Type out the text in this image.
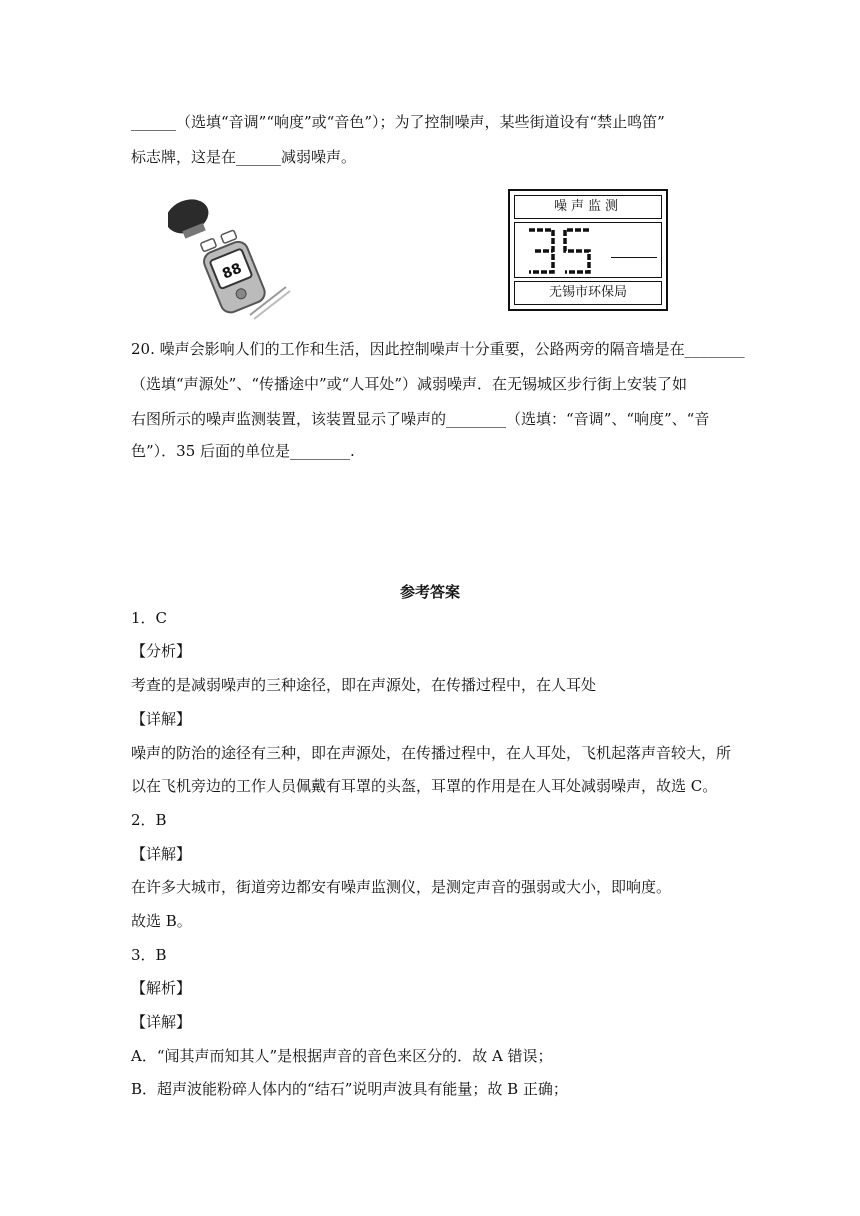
______（选填“音调”“响度”或“音色”）；为了控制噪声，某些街道设有“禁止鸣笛”
标志牌，这是在______减弱噪声。
88
噪声监测
无锡市环保局
20. 噪声会影响人们的工作和生活，因此控制噪声十分重要，公路两旁的隔音墙是在________
（选填“声源处”、“传播途中”或“人耳处”）减弱噪声．在无锡城区步行街上安装了如
右图所示的噪声监测装置，该装置显示了噪声的________（选填：“音调”、“响度”、“音
色”）．35 后面的单位是________.
参考答案
1．C
【分析】
考查的是减弱噪声的三种途径，即在声源处，在传播过程中，在人耳处
【详解】
噪声的防治的途径有三种，即在声源处，在传播过程中，在人耳处，飞机起落声音较大，所
以在飞机旁边的工作人员佩戴有耳罩的头盔，耳罩的作用是在人耳处减弱噪声，故选 C。
2．B
【详解】
在许多大城市，街道旁边都安有噪声监测仪，是测定声音的强弱或大小，即响度。
故选 B。
3．B
【解析】
【详解】
A．“闻其声而知其人”是根据声音的音色来区分的．故 A 错误；
B．超声波能粉碎人体内的“结石”说明声波具有能量；故 B 正确；
